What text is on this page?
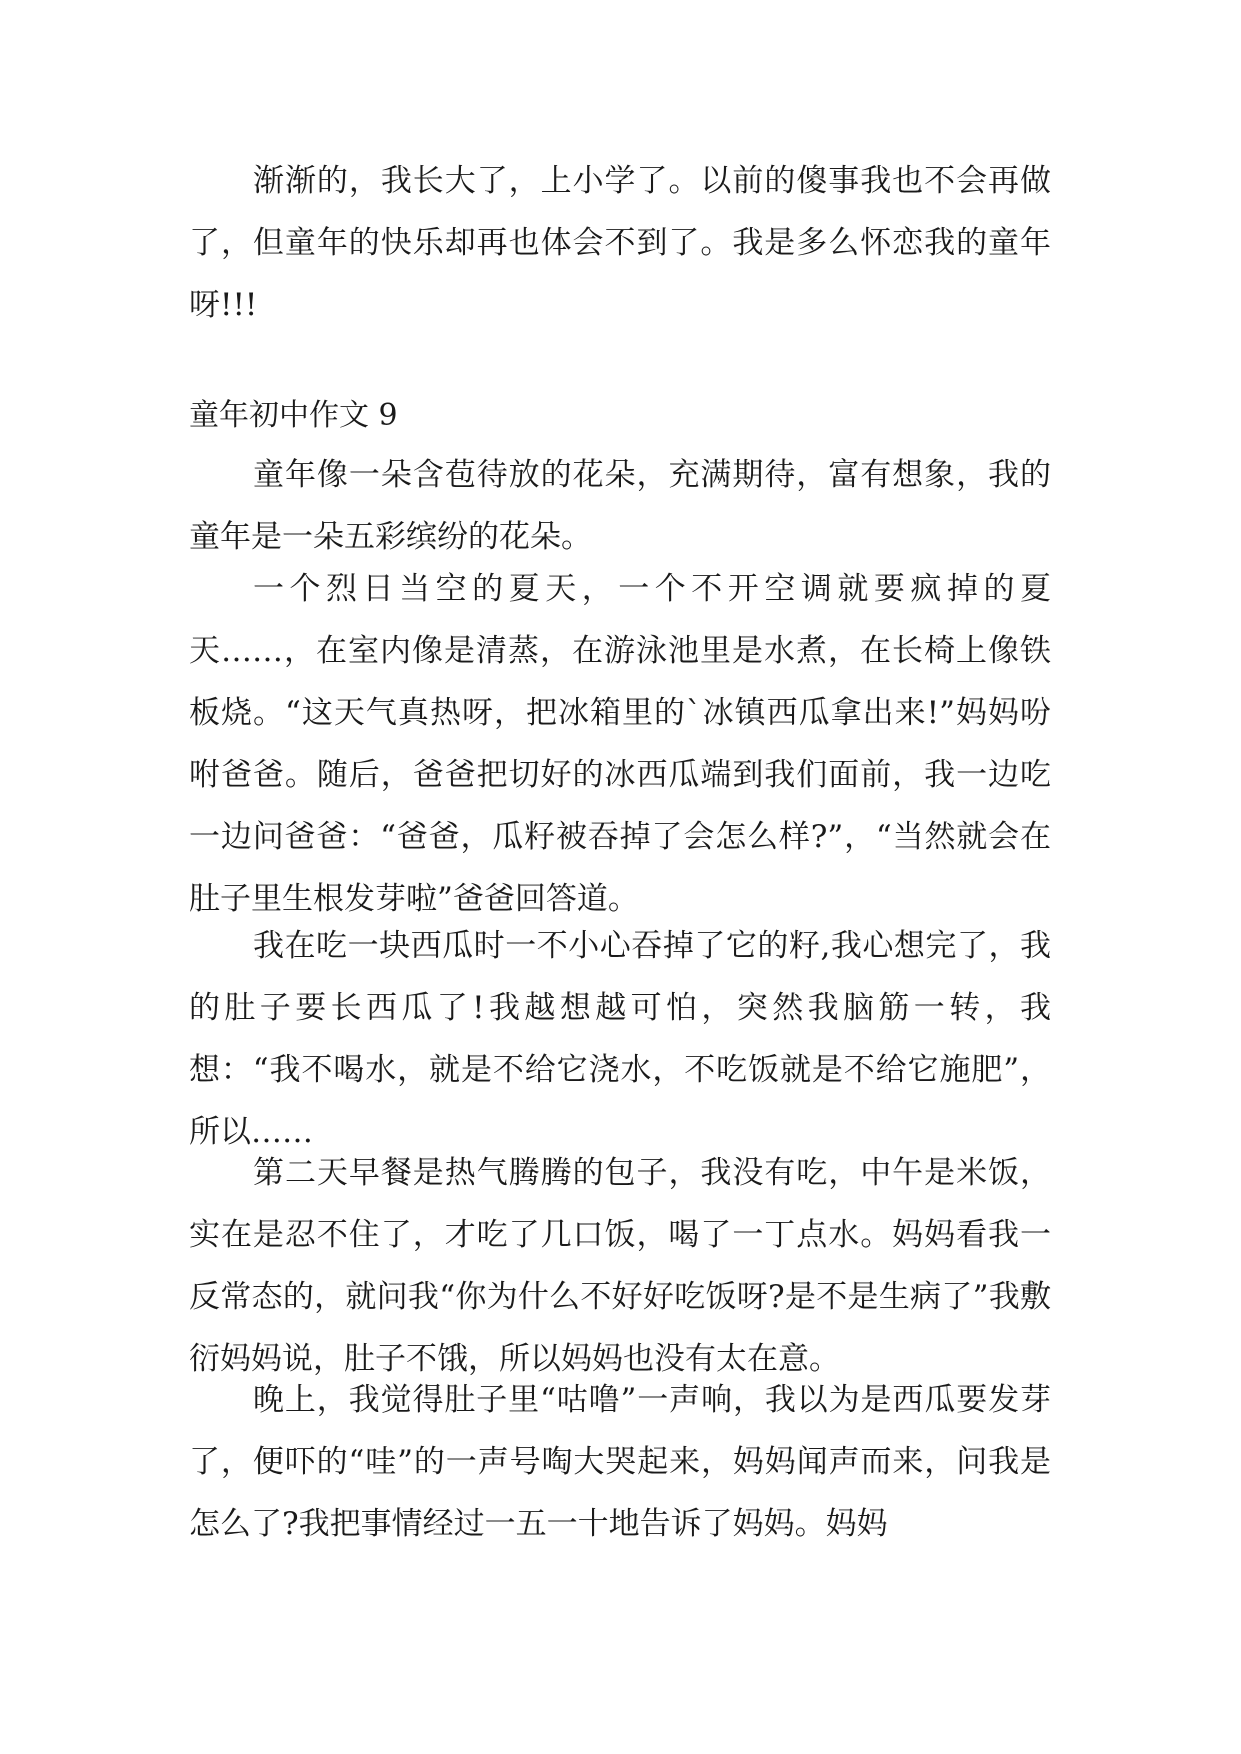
渐渐的，我长大了，上小学了。以前的傻事我也不会再做了，但童年的快乐却再也体会不到了。我是多么怀恋我的童年呀!!!

童年初中作文 9

童年像一朵含苞待放的花朵，充满期待，富有想象，我的童年是一朵五彩缤纷的花朵。

一个烈日当空的夏天，一个不开空调就要疯掉的夏天……，在室内像是清蒸，在游泳池里是水煮，在长椅上像铁板烧。“这天气真热呀，把冰箱里的`冰镇西瓜拿出来!”妈妈吩咐爸爸。随后，爸爸把切好的冰西瓜端到我们面前，我一边吃一边问爸爸：“爸爸，瓜籽被吞掉了会怎么样?”，“当然就会在肚子里生根发芽啦”爸爸回答道。

我在吃一块西瓜时一不小心吞掉了它的籽,我心想完了，我的肚子要长西瓜了!我越想越可怕，突然我脑筋一转，我想：“我不喝水，就是不给它浇水，不吃饭就是不给它施肥”，所以……

第二天早餐是热气腾腾的包子，我没有吃，中午是米饭，实在是忍不住了，才吃了几口饭，喝了一丁点水。妈妈看我一反常态的，就问我“你为什么不好好吃饭呀?是不是生病了”我敷衍妈妈说，肚子不饿，所以妈妈也没有太在意。

晚上，我觉得肚子里“咕噜”一声响，我以为是西瓜要发芽了，便吓的“哇”的一声号啕大哭起来，妈妈闻声而来，问我是怎么了?我把事情经过一五一十地告诉了妈妈。妈妈
